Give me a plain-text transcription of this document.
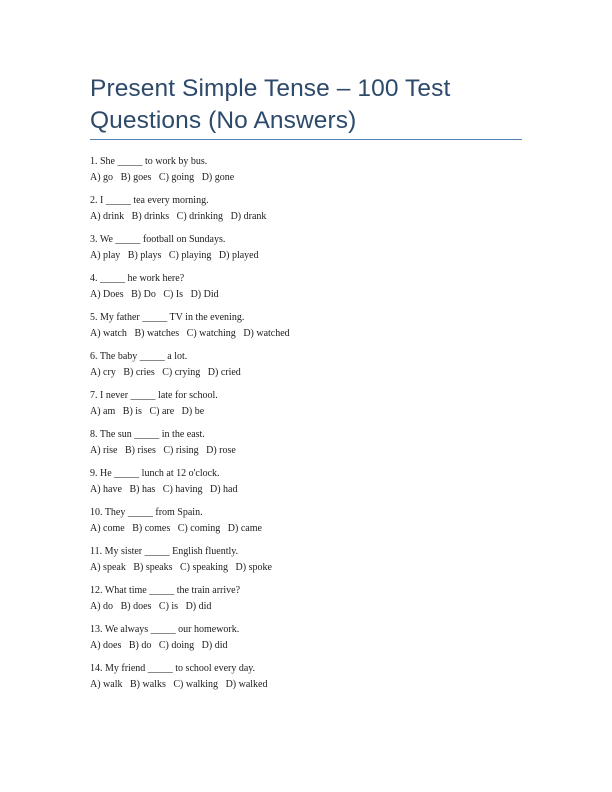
Present Simple Tense – 100 Test Questions (No Answers)
1. She _____ to work by bus.
A) go B) goes C) going D) gone
2. I _____ tea every morning.
A) drink B) drinks C) drinking D) drank
3. We _____ football on Sundays.
A) play B) plays C) playing D) played
4. _____ he work here?
A) Does B) Do C) Is D) Did
5. My father _____ TV in the evening.
A) watch B) watches C) watching D) watched
6. The baby _____ a lot.
A) cry B) cries C) crying D) cried
7. I never _____ late for school.
A) am B) is C) are D) be
8. The sun _____ in the east.
A) rise B) rises C) rising D) rose
9. He _____ lunch at 12 o'clock.
A) have B) has C) having D) had
10. They _____ from Spain.
A) come B) comes C) coming D) came
11. My sister _____ English fluently.
A) speak B) speaks C) speaking D) spoke
12. What time _____ the train arrive?
A) do B) does C) is D) did
13. We always _____ our homework.
A) does B) do C) doing D) did
14. My friend _____ to school every day.
A) walk B) walks C) walking D) walked
